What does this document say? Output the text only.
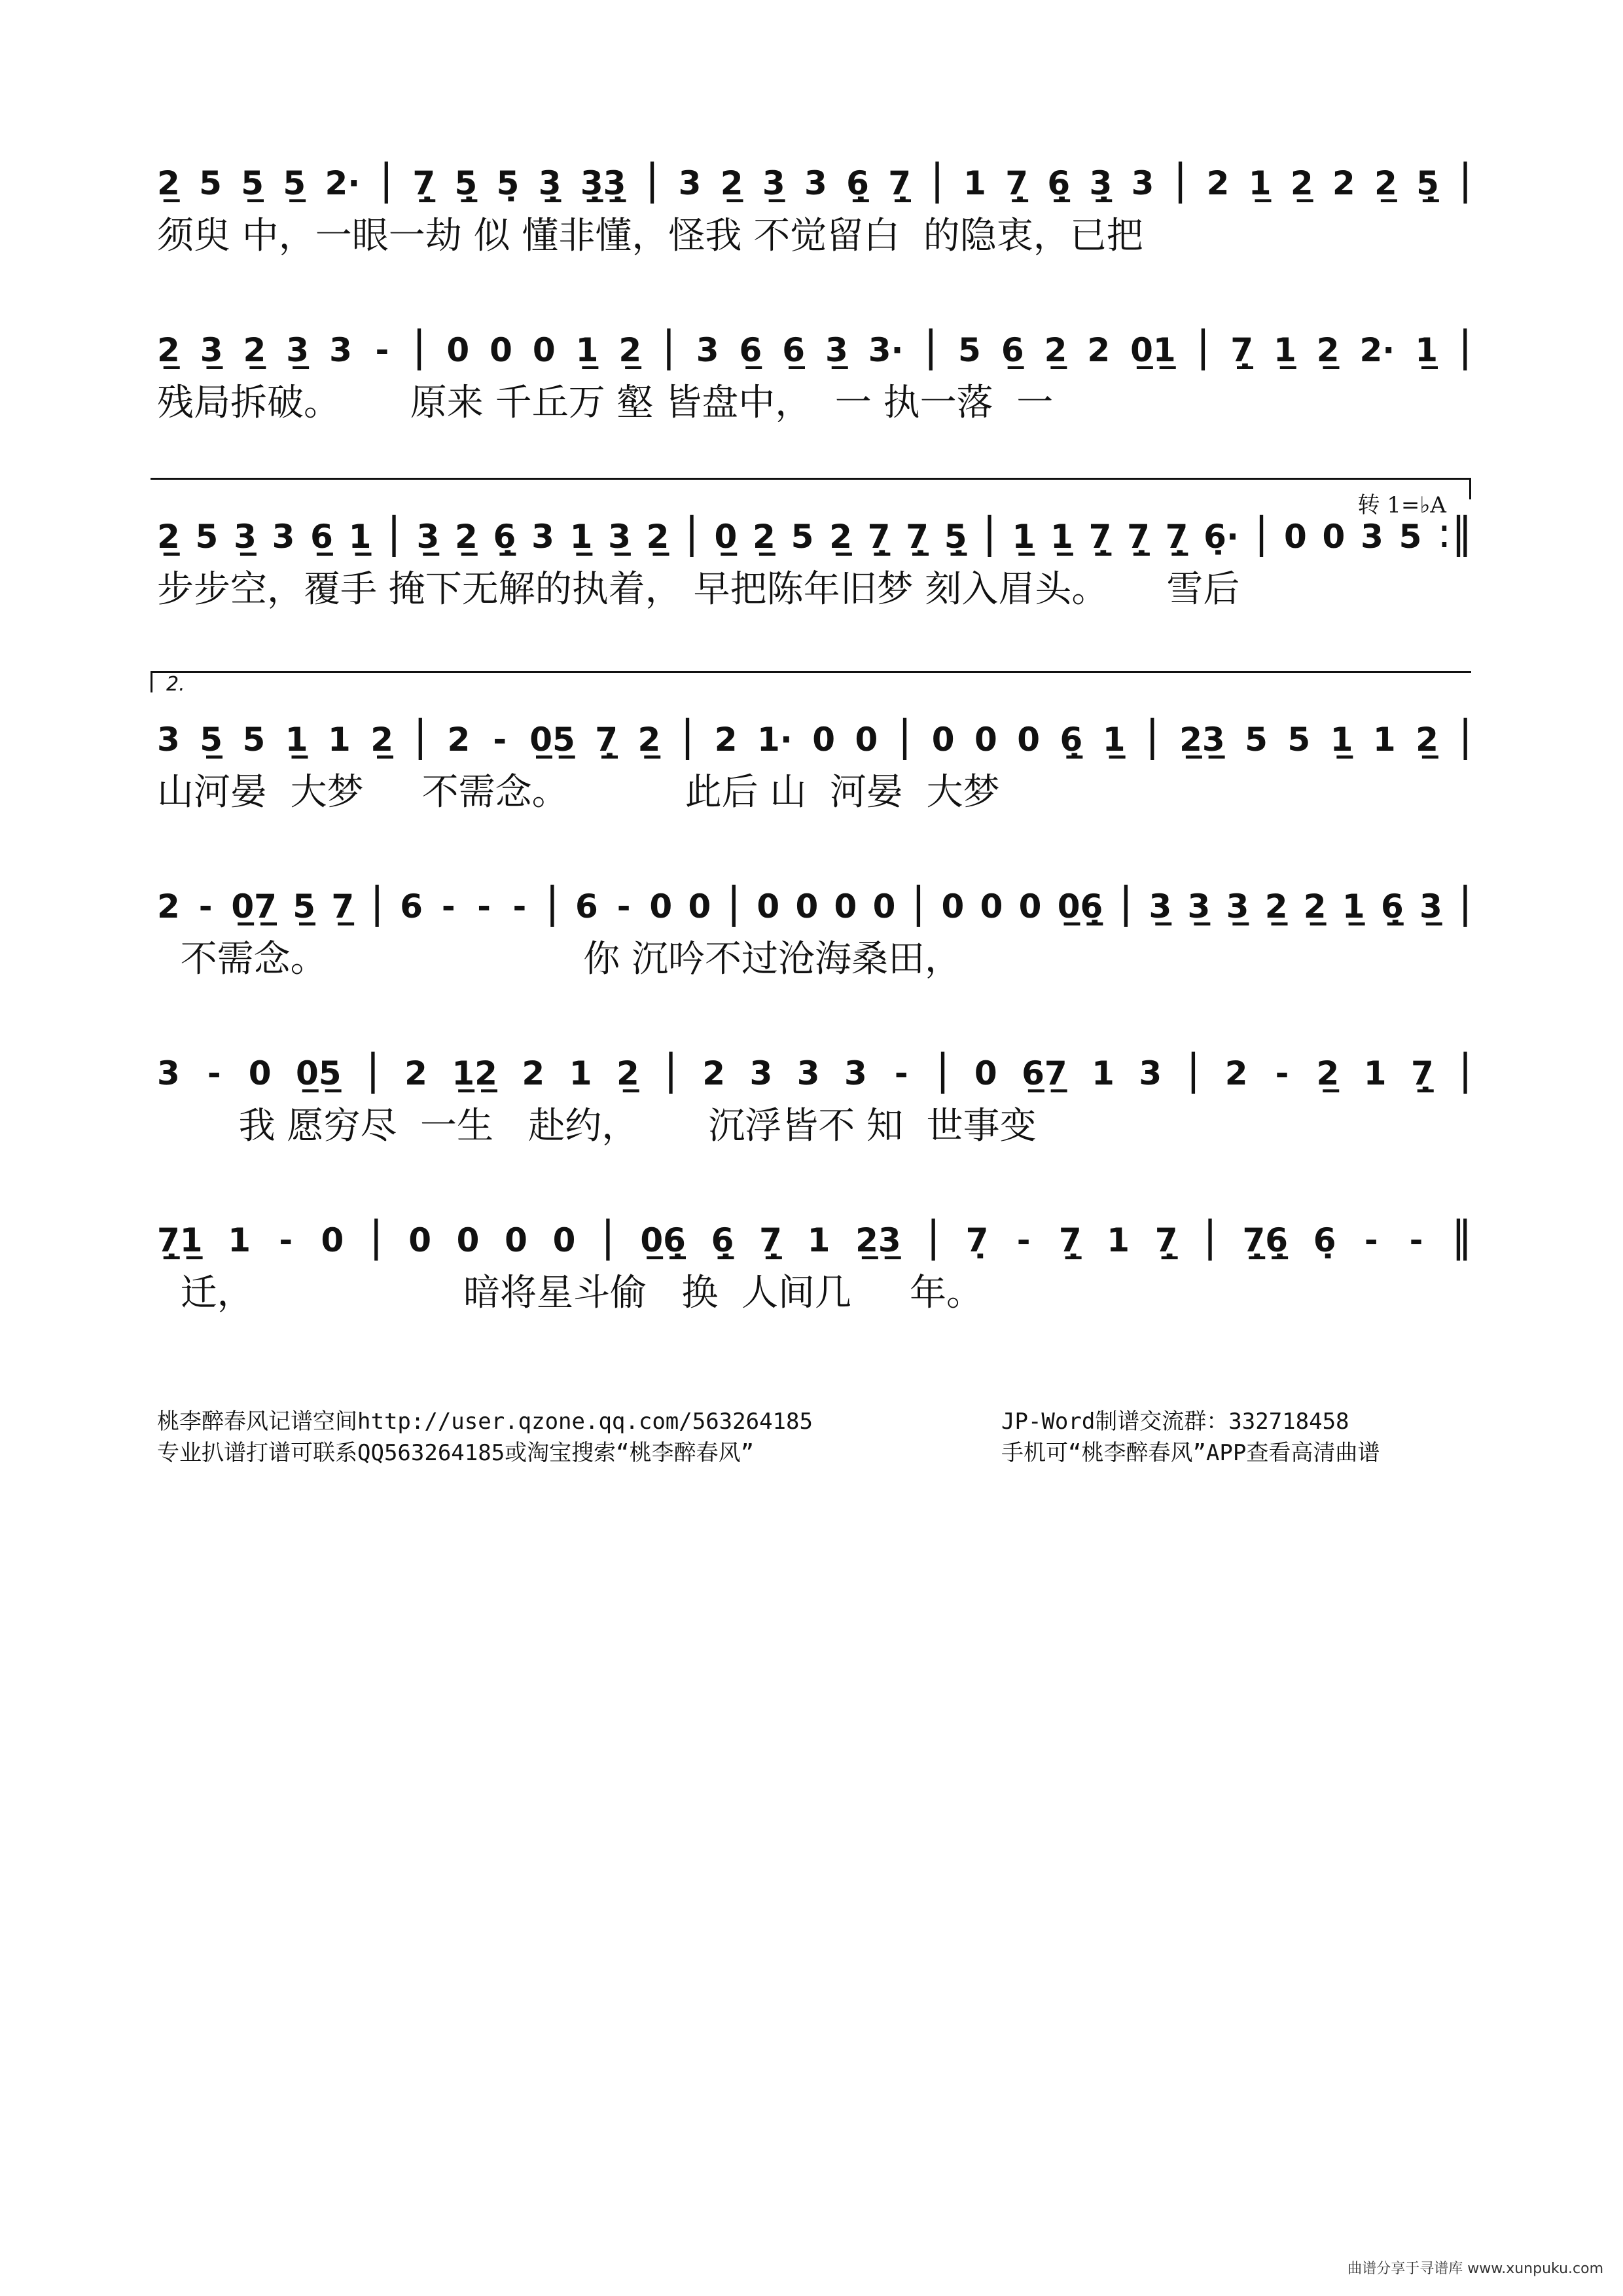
2̲ 5 5̲ 5̲ 2· | 7̣̲ 5̣̲ 5̣ 3̣̲ 3̣̲3̣̲ | 3 2̲ 3̲ 3 6̣̲ 7̣̲ | 1 7̣̲ 6̣̲ 3̣̲ 3 | 2 1̲ 2̲ 2 2̲ 5̣̲ |
须臾 中，一眼一劫 似 懂非懂，怪我 不觉留白  的隐衷，已把
2̲ 3̲ 2̲ 3̲ 3 - | 0 0 0 1̲ 2̲ | 3 6̲ 6̲ 3̲ 3· | 5 6̲ 2̲ 2 0̲1̲ | 7̣̲ 1̲ 2̲ 2· 1̲ |
残局拆破。      原来 千丘万 壑 皆盘中，  一 执一落  一
转 1=♭A
2̲ 5 3̲ 3 6̲ 1̲ | 3̲ 2̲ 6̣̲ 3 1̲ 3̲ 2̲ | 0̲ 2̲ 5 2̲ 7̣̲ 7̣̲ 5̣̲ | 1̲ 1̲ 7̣̲ 7̣̲ 7̣̲ 6̣· | 0 0 3 5 :‖
步步空，覆手 掩下无解的执着， 早把陈年旧梦 刻入眉头。     雪后
2.
3 5̲ 5 1̲ 1 2̲ | 2 - 0̲5̲ 7̣̲ 2̲ | 2 1· 0 0 | 0 0 0 6̣̲ 1̲ | 2̲3̲ 5 5 1̲ 1 2̲ |
山河晏  大梦     不需念。          此后 山  河晏  大梦
2 - 0̲7̲ 5̲ 7̲ | 6 - - - | 6 - 0 0 | 0 0 0 0 | 0 0 0 0̲6̣̲ | 3̲ 3̲ 3̲ 2̲ 2̲ 1̲ 6̣̲ 3̲ |
不需念。                      你 沉吟不过沧海桑田，
3 - 0 0̲5̲ | 2 1̲2̲ 2 1 2̲ | 2 3 3 3 - | 0 6̲7̲ 1 3 | 2 - 2̲ 1 7̣̲ |
我 愿穷尽  一生   赴约，      沉浮皆不 知  世事变
7̣̲1̲ 1 - 0 | 0 0 0 0 | 0̲6̣̲ 6̣̲ 7̣̲ 1 2̲3̲ | 7̣ - 7̣̲ 1 7̣̲ | 7̣̲6̣̲ 6̣ - - ‖
迁，                  暗将星斗偷   换  人间几     年。
桃李醉春风记谱空间http://user.qzone.qq.com/563264185
专业扒谱打谱可联系QQ563264185或淘宝搜索“桃李醉春风”
JP-Word制谱交流群：332718458
手机可“桃李醉春风”APP查看高清曲谱
曲谱分享于寻谱库 www.xunpuku.com
